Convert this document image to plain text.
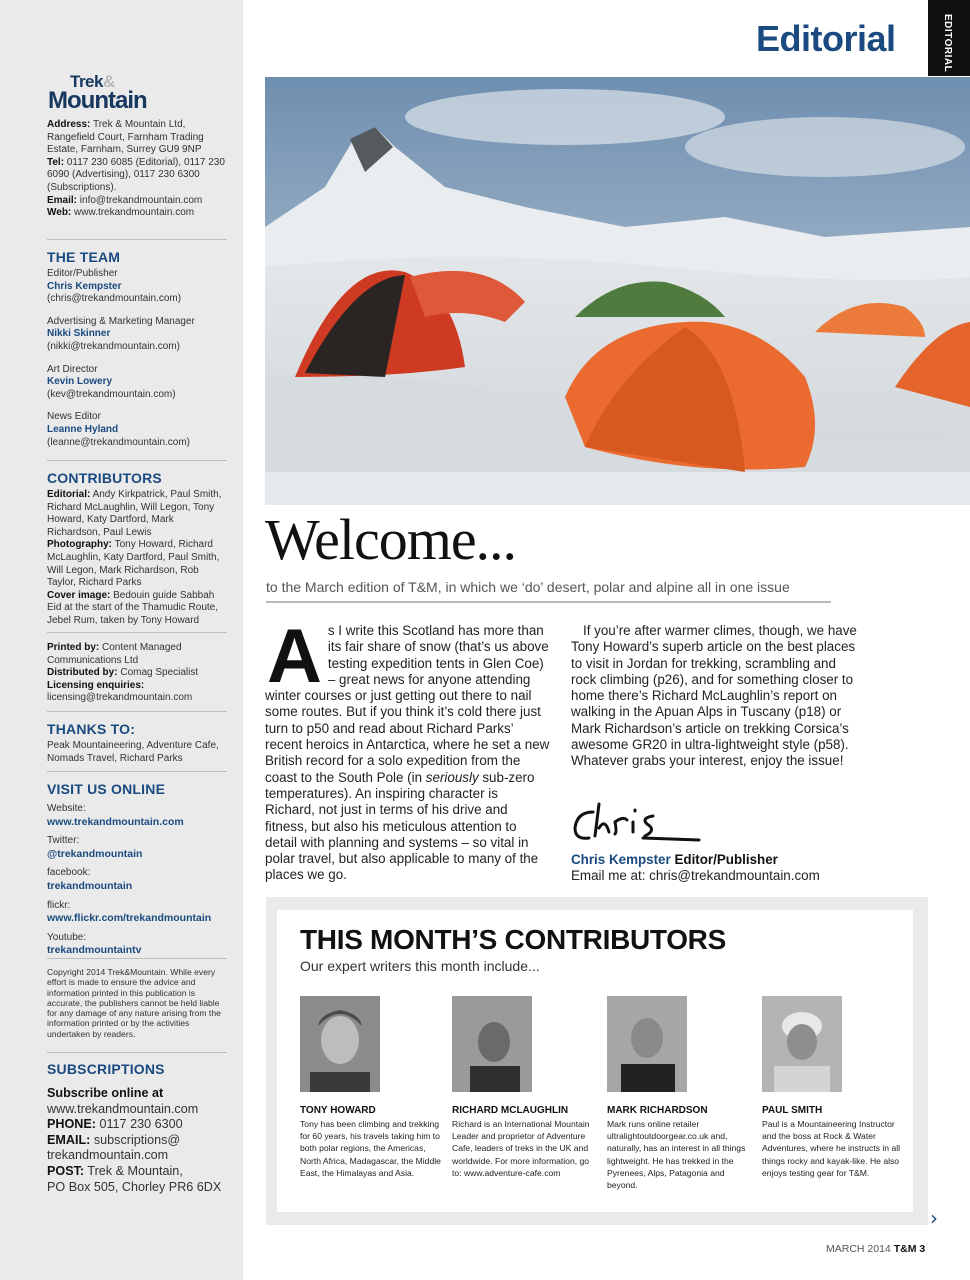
Trek&
Mountain
Address: Trek & Mountain Ltd, Rangefield Court, Farnham Trading Estate, Farnham, Surrey GU9 9NP
Tel: 0117 230 6085 (Editorial), 0117 230 6090 (Advertising), 0117 230 6300 (Subscriptions).
Email: info@trekandmountain.com
Web: www.trekandmountain.com
THE TEAM
Editor/Publisher
Chris Kempster
(chris@trekandmountain.com)
Advertising & Marketing Manager
Nikki Skinner
(nikki@trekandmountain.com)
Art Director
Kevin Lowery
(kev@trekandmountain.com)
News Editor
Leanne Hyland
(leanne@trekandmountain.com)
CONTRIBUTORS
Editorial: Andy Kirkpatrick, Paul Smith, Richard McLaughlin, Will Legon, Tony Howard, Katy Dartford, Mark Richardson, Paul Lewis
Photography: Tony Howard, Richard McLaughlin, Katy Dartford, Paul Smith, Will Legon, Mark Richardson, Rob Taylor, Richard Parks
Cover image: Bedouin guide Sabbah Eid at the start of the Thamudic Route, Jebel Rum, taken by Tony Howard
Printed by: Content Managed Communications Ltd
Distributed by: Comag Specialist
Licensing enquiries:
licensing@trekandmountain.com
THANKS TO:
Peak Mountaineering, Adventure Cafe, Nomads Travel, Richard Parks
VISIT US ONLINE
Website:
www.trekandmountain.com
Twitter:
@trekandmountain
facebook:
trekandmountain
flickr:
www.flickr.com/trekandmountain
Youtube:
trekandmountaintv
Copyright 2014 Trek&Mountain. While every effort is made to ensure the advice and information printed in this publication is accurate, the publishers cannot be held liable for any damage of any nature arising from the information printed or by the activities undertaken by readers.
SUBSCRIPTIONS
Subscribe online at
www.trekandmountain.com
PHONE: 0117 230 6300
EMAIL: subscriptions@
trekandmountain.com
POST: Trek & Mountain,
PO Box 505, Chorley PR6 6DX
Editorial	EDITORIAL
Welcome...
to the March edition of T&M, in which we ‘do’ desert, polar and alpine all in one issue
As I write this Scotland has more than its fair share of snow (that’s us above testing expedition tents in Glen Coe) – great news for anyone attending winter courses or just getting out there to nail some routes. But if you think it’s cold there just turn to p50 and read about Richard Parks’ recent heroics in Antarctica, where he set a new British record for a solo expedition from the coast to the South Pole (in seriously sub-zero temperatures). An inspiring character is Richard, not just in terms of his drive and fitness, but also his meticulous attention to detail with planning and systems – so vital in polar travel, but also applicable to many of the places we go.

If you’re after warmer climes, though, we have Tony Howard’s superb article on the best places to visit in Jordan for trekking, scrambling and rock climbing (p26), and for something closer to home there’s Richard McLaughlin’s report on walking in the Apuan Alps in Tuscany (p18) or Mark Richardson’s article on trekking Corsica’s awesome GR20 in ultra-lightweight style (p58). Whatever grabs your interest, enjoy the issue!

Chris Kempster Editor/Publisher
Email me at: chris@trekandmountain.com
THIS MONTH’S CONTRIBUTORS
Our expert writers this month include...
TONY HOWARD
Tony has been climbing and trekking for 60 years, his travels taking him to both polar regions, the Americas, North Africa, Madagascar, the Middle East, the Himalayas and Asia.
RICHARD MCLAUGHLIN
Richard is an International Mountain Leader and proprietor of Adventure Cafe, leaders of treks in the UK and worldwide. For more information, go to: www.adventure-cafe.com
MARK RICHARDSON
Mark runs online retailer ultralightoutdoorgear.co.uk and, naturally, has an interest in all things lightweight. He has trekked in the Pyrenees, Alps, Patagonia and beyond.
PAUL SMITH
Paul is a Mountaineering Instructor and the boss at Rock & Water Adventures, where he instructs in all things rocky and kayak-like. He also enjoys testing gear for T&M.
›
MARCH 2014 T&M 3
